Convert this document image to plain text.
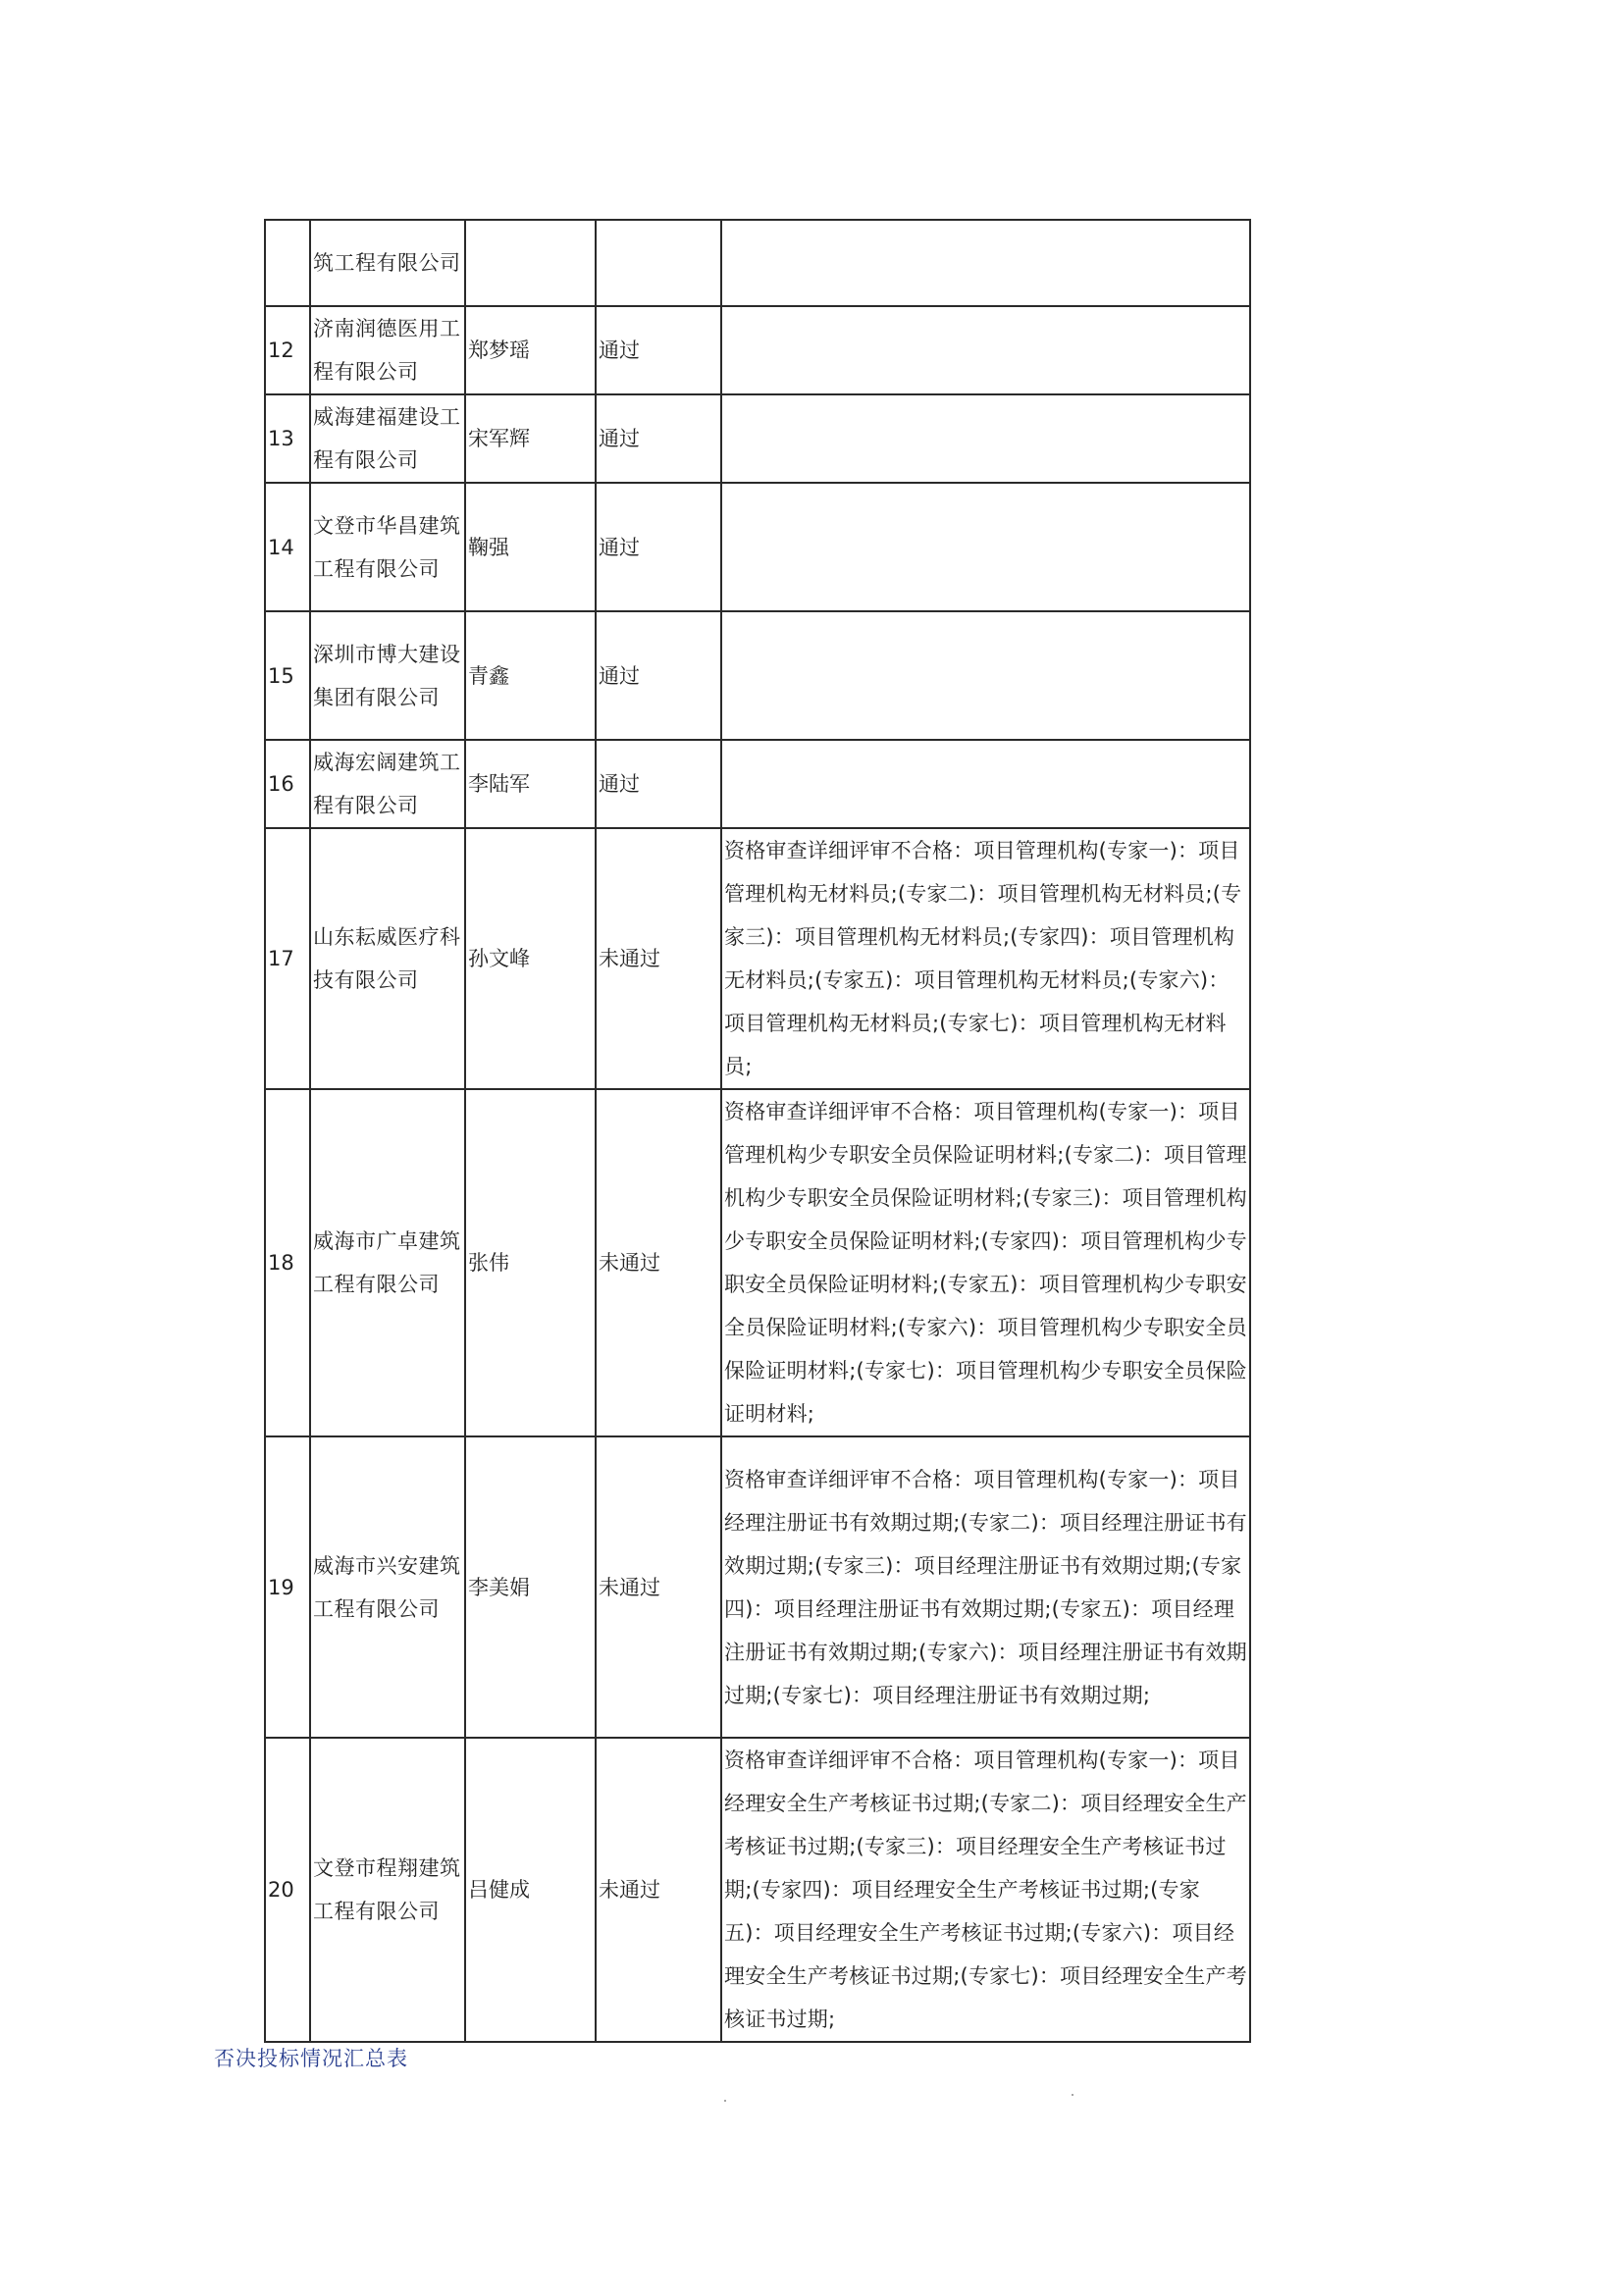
	筑工程有限公司			
12	济南润德医用工程有限公司	郑梦瑶	通过	
13	威海建福建设工程有限公司	宋军辉	通过	
14	文登市华昌建筑工程有限公司	鞠强	通过	
15	深圳市博大建设集团有限公司	青鑫	通过	
16	威海宏阔建筑工程有限公司	李陆军	通过	
17	山东耘威医疗科技有限公司	孙文峰	未通过	资格审查详细评审不合格：项目管理机构(专家一)：项目管理机构无材料员;(专家二)：项目管理机构无材料员;(专家三)：项目管理机构无材料员;(专家四)：项目管理机构无材料员;(专家五)：项目管理机构无材料员;(专家六)：项目管理机构无材料员;(专家七)：项目管理机构无材料员;
18	威海市广卓建筑工程有限公司	张伟	未通过	资格审查详细评审不合格：项目管理机构(专家一)：项目管理机构少专职安全员保险证明材料;(专家二)：项目管理机构少专职安全员保险证明材料;(专家三)：项目管理机构少专职安全员保险证明材料;(专家四)：项目管理机构少专职安全员保险证明材料;(专家五)：项目管理机构少专职安全员保险证明材料;(专家六)：项目管理机构少专职安全员保险证明材料;(专家七)：项目管理机构少专职安全员保险证明材料;
19	威海市兴安建筑工程有限公司	李美娟	未通过	资格审查详细评审不合格：项目管理机构(专家一)：项目经理注册证书有效期过期;(专家二)：项目经理注册证书有效期过期;(专家三)：项目经理注册证书有效期过期;(专家四)：项目经理注册证书有效期过期;(专家五)：项目经理注册证书有效期过期;(专家六)：项目经理注册证书有效期过期;(专家七)：项目经理注册证书有效期过期;
20	文登市程翔建筑工程有限公司	吕健成	未通过	资格审查详细评审不合格：项目管理机构(专家一)：项目经理安全生产考核证书过期;(专家二)：项目经理安全生产考核证书过期;(专家三)：项目经理安全生产考核证书过期;(专家四)：项目经理安全生产考核证书过期;(专家五)：项目经理安全生产考核证书过期;(专家六)：项目经理安全生产考核证书过期;(专家七)：项目经理安全生产考核证书过期;
否决投标情况汇总表
